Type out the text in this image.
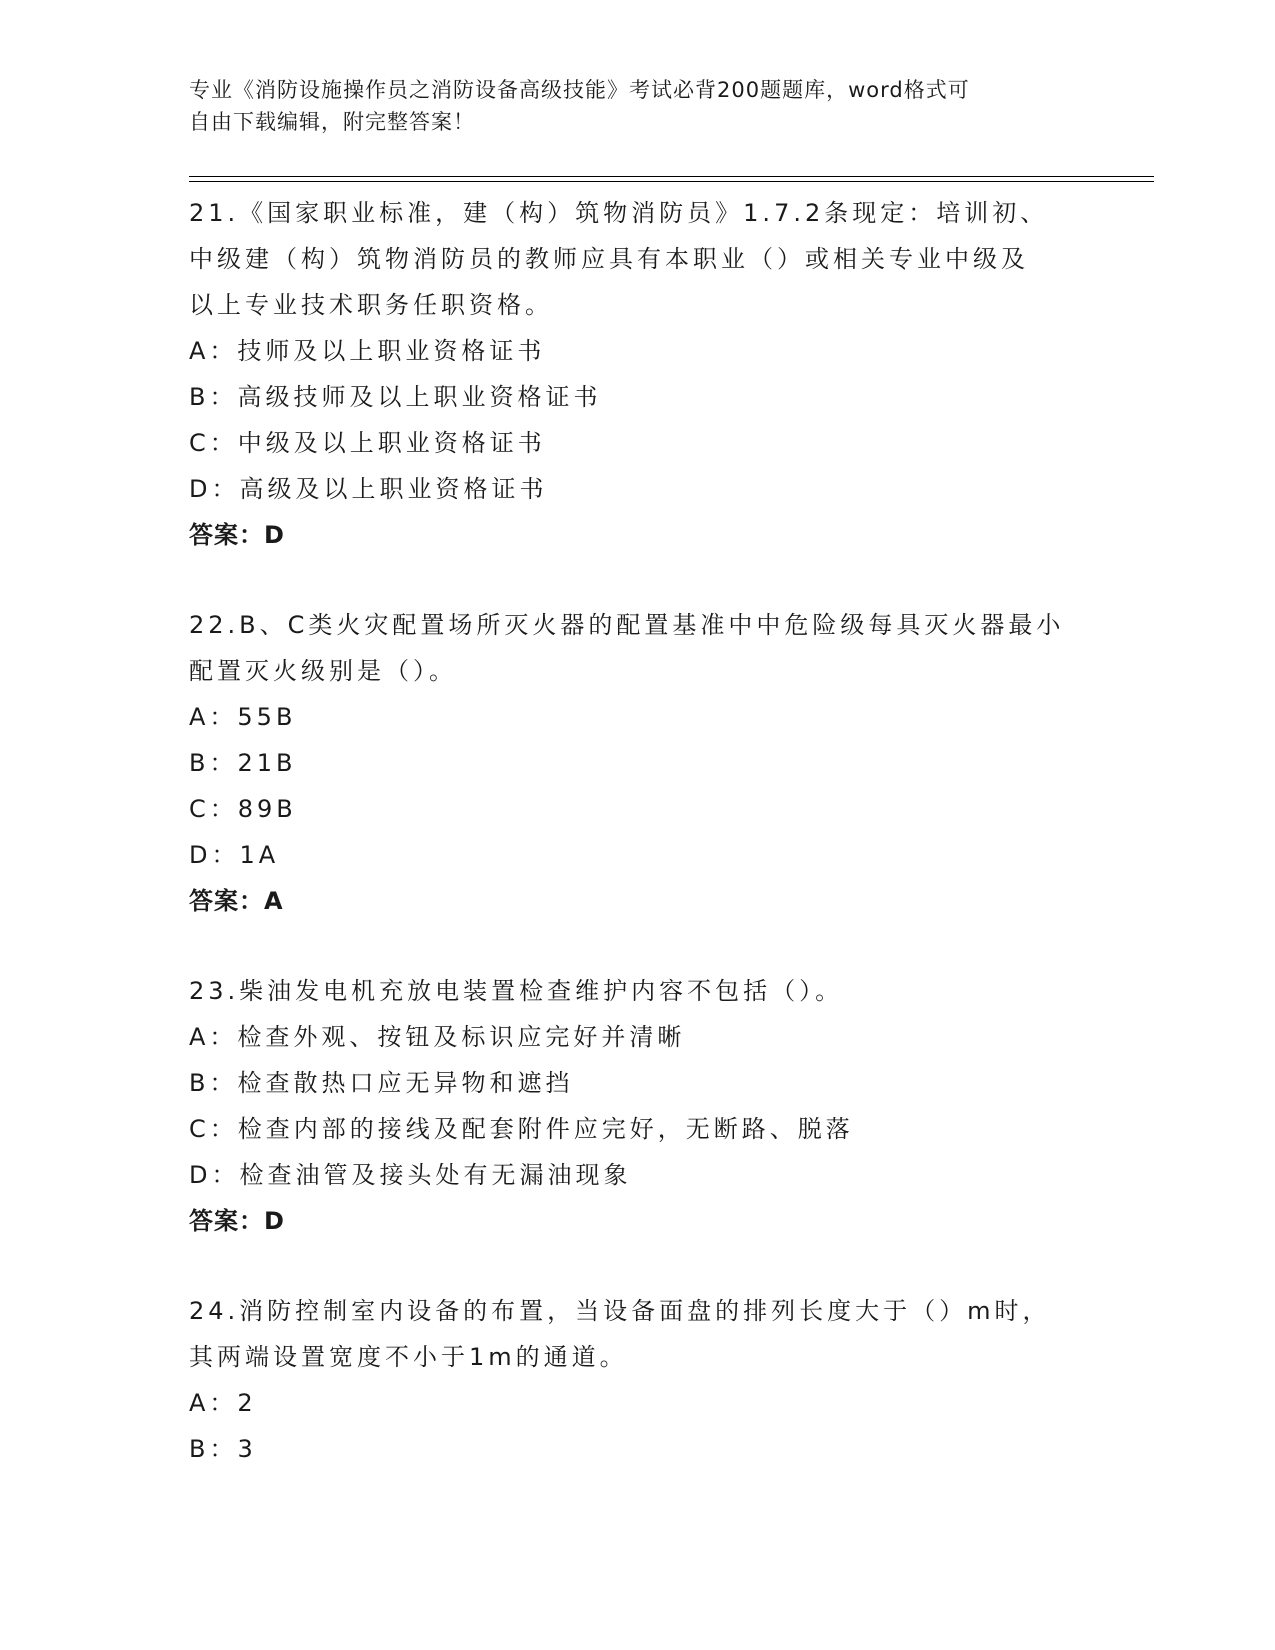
专业《消防设施操作员之消防设备高级技能》考试必背200题题库，word格式可
自由下载编辑，附完整答案！
21.《国家职业标准，建（构）筑物消防员》1.7.2条现定：培训初、
中级建（构）筑物消防员的教师应具有本职业（）或相关专业中级及
以上专业技术职务任职资格。
A：技师及以上职业资格证书
B：高级技师及以上职业资格证书
C：中级及以上职业资格证书
D：高级及以上职业资格证书
答案：D
22.B、C类火灾配置场所灭火器的配置基准中中危险级每具灭火器最小
配置灭火级别是（）。
A：55B
B：21B
C：89B
D：1A
答案：A
23.柴油发电机充放电装置检查维护内容不包括（）。
A：检查外观、按钮及标识应完好并清晰
B：检查散热口应无异物和遮挡
C：检查内部的接线及配套附件应完好，无断路、脱落
D：检查油管及接头处有无漏油现象
答案：D
24.消防控制室内设备的布置，当设备面盘的排列长度大于（）m时，
其两端设置宽度不小于1m的通道。
A：2
B：3
